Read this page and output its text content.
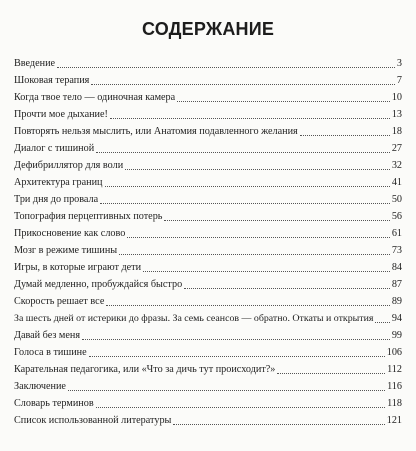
СОДЕРЖАНИЕ
Введение	3
Шоковая терапия	7
Когда твое тело — одиночная камера	10
Прочти мое дыхание!	13
Повторять нельзя мыслить, или Анатомия подавленного желания	18
Диалог с тишиной	27
Дефибриллятор для воли	32
Архитектура границ	41
Три дня до провала	50
Топография перцептивных потерь	56
Прикосновение как слово	61
Мозг в режиме тишины	73
Игры, в которые играют дети	84
Думай медленно, пробуждайся быстро	87
Скорость решает все	89
За шесть дней от истерики до фразы. За семь сеансов — обратно. Откаты и открытия 94
Давай без меня	99
Голоса в тишине	106
Карательная педагогика, или «Что за дичь тут происходит?»	112
Заключение	116
Словарь терминов	118
Список использованной литературы	121
